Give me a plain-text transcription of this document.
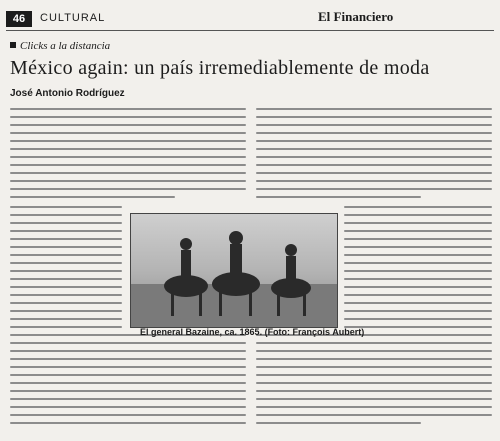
46	CULTURAL	El Financiero
Clicks a la distancia
México again: un país irremediablemente de moda
José Antonio Rodríguez
El general Bazaine, ca. 1865. (Foto: François Aubert)
